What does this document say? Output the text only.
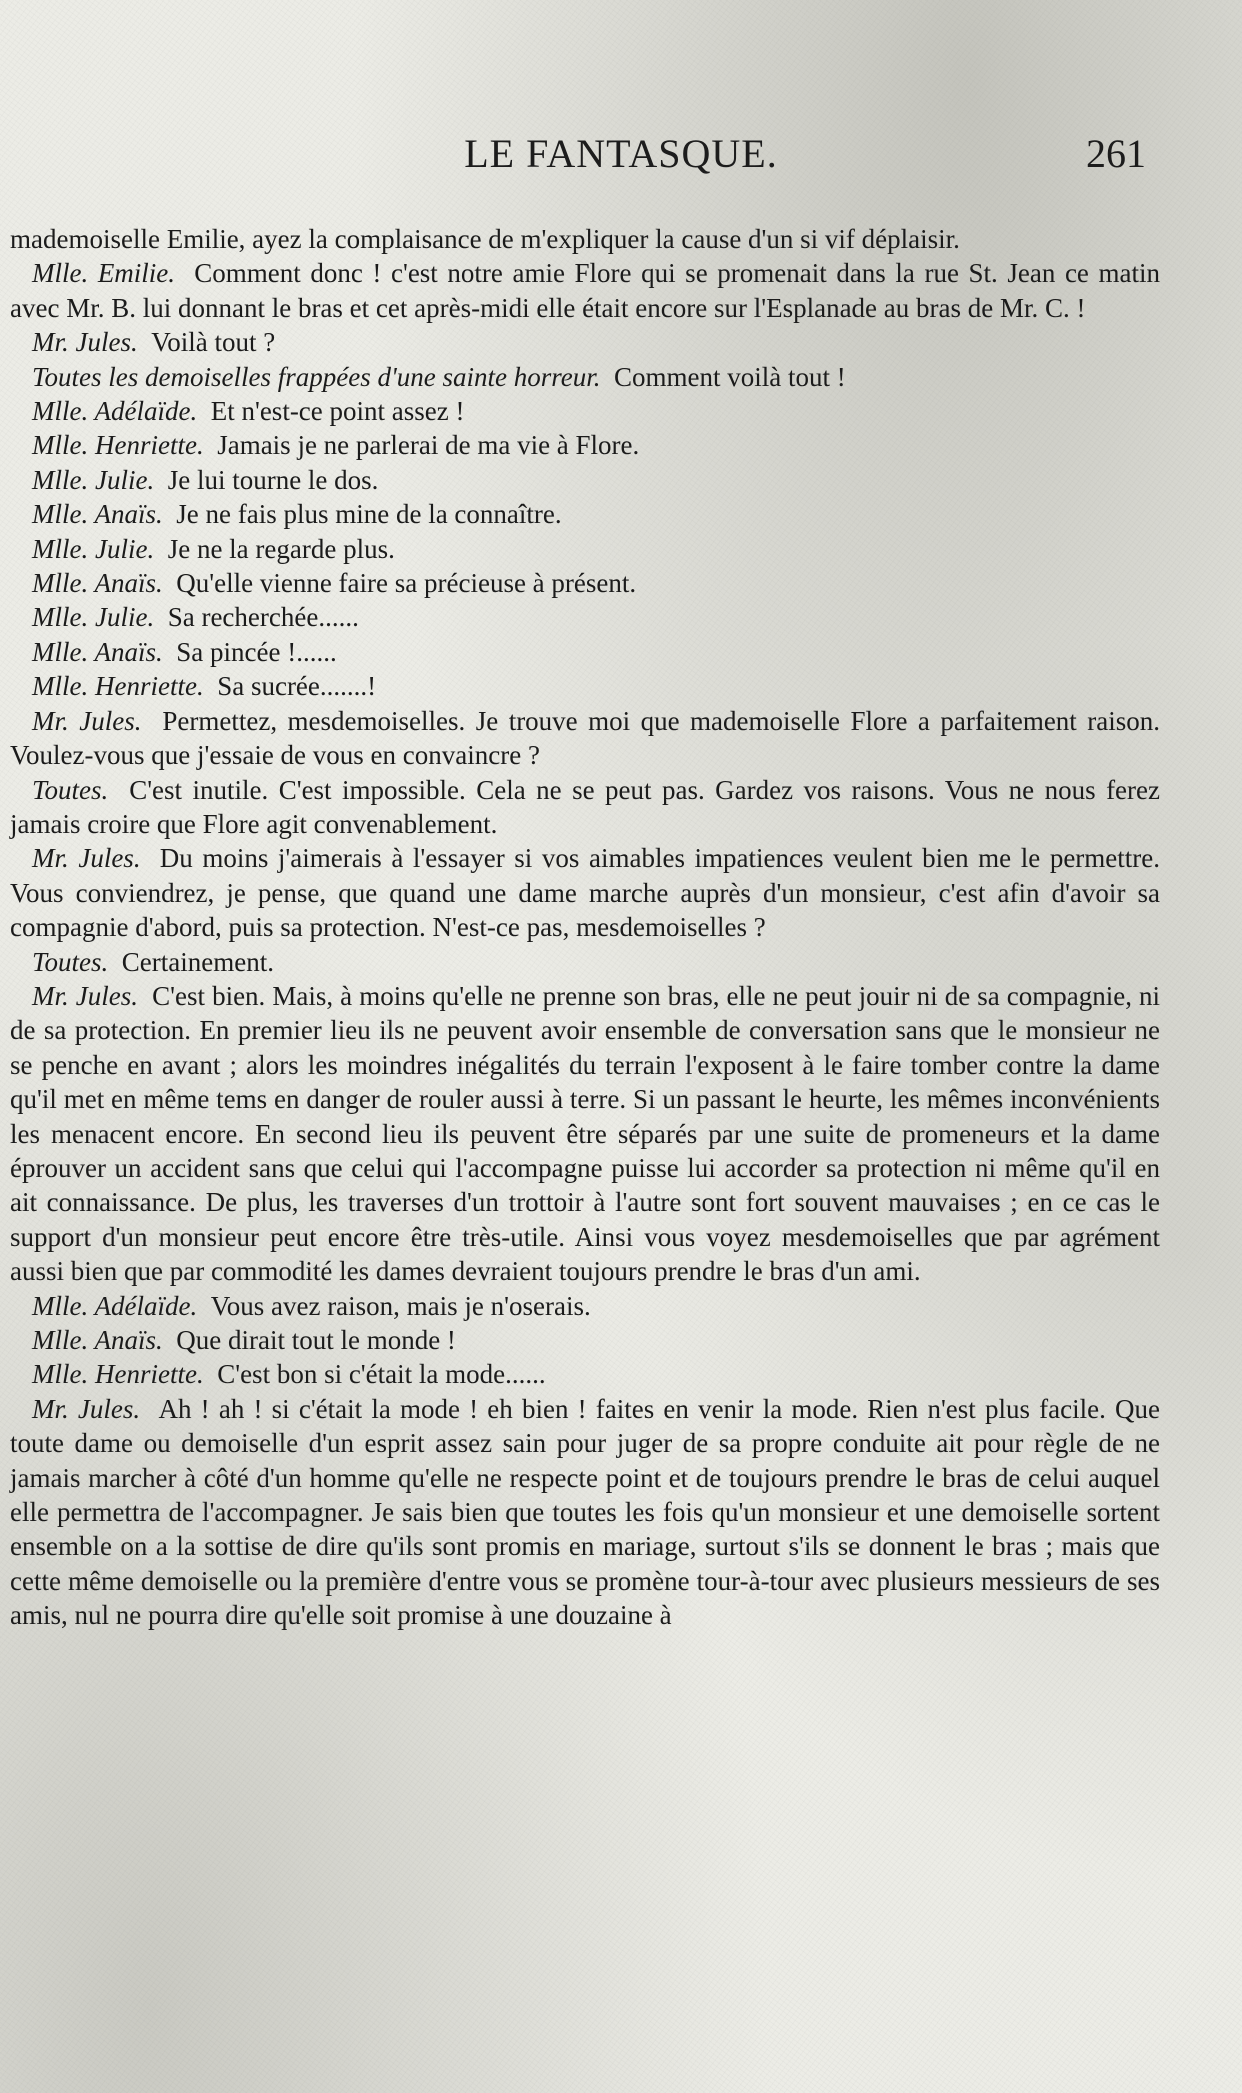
LE FANTASQUE.	261

mademoiselle Emilie, ayez la complaisance de m'expliquer la cause d'un si vif déplaisir.

Mlle. Emilie. Comment donc ! c'est notre amie Flore qui se promenait dans la rue St. Jean ce matin avec Mr. B. lui donnant le bras et cet après-midi elle était encore sur l'Esplanade au bras de Mr. C. !

Mr. Jules. Voilà tout ?

Toutes les demoiselles frappées d'une sainte horreur. Comment voilà tout !

Mlle. Adélaïde. Et n'est-ce point assez !

Mlle. Henriette. Jamais je ne parlerai de ma vie à Flore.

Mlle. Julie. Je lui tourne le dos.

Mlle. Anaïs. Je ne fais plus mine de la connaître.

Mlle. Julie. Je ne la regarde plus.

Mlle. Anaïs. Qu'elle vienne faire sa précieuse à présent.

Mlle. Julie. Sa recherchée......

Mlle. Anaïs. Sa pincée !......

Mlle. Henriette. Sa sucrée.......!

Mr. Jules. Permettez, mesdemoiselles. Je trouve moi que mademoiselle Flore a parfaitement raison. Voulez-vous que j'essaie de vous en convaincre ?

Toutes. C'est inutile. C'est impossible. Cela ne se peut pas. Gardez vos raisons. Vous ne nous ferez jamais croire que Flore agit convenablement.

Mr. Jules. Du moins j'aimerais à l'essayer si vos aimables impatiences veulent bien me le permettre. Vous conviendrez, je pense, que quand une dame marche auprès d'un monsieur, c'est afin d'avoir sa compagnie d'abord, puis sa protection. N'est-ce pas, mesdemoiselles ?

Toutes. Certainement.

Mr. Jules. C'est bien. Mais, à moins qu'elle ne prenne son bras, elle ne peut jouir ni de sa compagnie, ni de sa protection. En premier lieu ils ne peuvent avoir ensemble de conversation sans que le monsieur ne se penche en avant ; alors les moindres inégalités du terrain l'exposent à le faire tomber contre la dame qu'il met en même tems en danger de rouler aussi à terre. Si un passant le heurte, les mêmes inconvénients les menacent encore. En second lieu ils peuvent être séparés par une suite de promeneurs et la dame éprouver un accident sans que celui qui l'accompagne puisse lui accorder sa protection ni même qu'il en ait connaissance. De plus, les traverses d'un trottoir à l'autre sont fort souvent mauvaises ; en ce cas le support d'un monsieur peut encore être très-utile. Ainsi vous voyez mesdemoiselles que par agrément aussi bien que par commodité les dames devraient toujours prendre le bras d'un ami.

Mlle. Adélaïde. Vous avez raison, mais je n'oserais.

Mlle. Anaïs. Que dirait tout le monde !

Mlle. Henriette. C'est bon si c'était la mode......

Mr. Jules. Ah ! ah ! si c'était la mode ! eh bien ! faites en venir la mode. Rien n'est plus facile. Que toute dame ou demoiselle d'un esprit assez sain pour juger de sa propre conduite ait pour règle de ne jamais marcher à côté d'un homme qu'elle ne respecte point et de toujours prendre le bras de celui auquel elle permettra de l'accompagner. Je sais bien que toutes les fois qu'un monsieur et une demoiselle sortent ensemble on a la sottise de dire qu'ils sont promis en mariage, surtout s'ils se donnent le bras ; mais que cette même demoiselle ou la première d'entre vous se promène tour-à-tour avec plusieurs messieurs de ses amis, nul ne pourra dire qu'elle soit promise à une douzaine à
